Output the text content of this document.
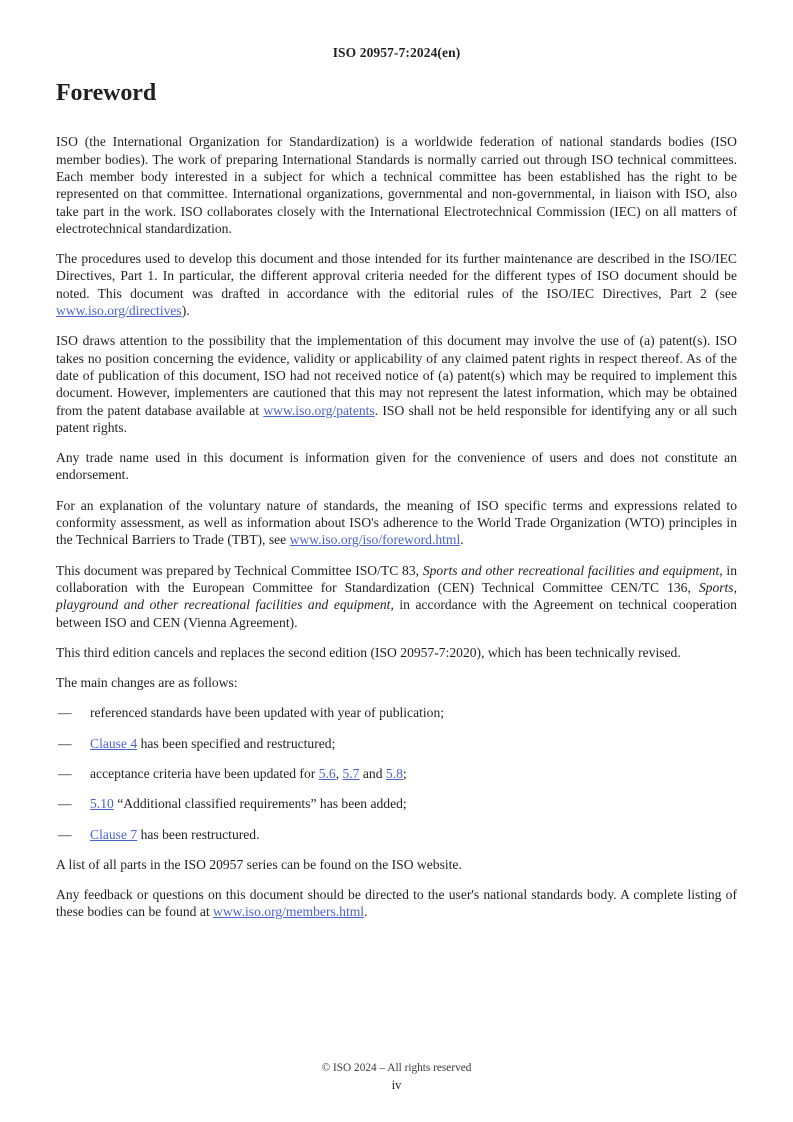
ISO 20957-7:2024(en)
Foreword

ISO (the International Organization for Standardization) is a worldwide federation of national standards bodies (ISO member bodies). The work of preparing International Standards is normally carried out through ISO technical committees. Each member body interested in a subject for which a technical committee has been established has the right to be represented on that committee. International organizations, governmental and non-governmental, in liaison with ISO, also take part in the work. ISO collaborates closely with the International Electrotechnical Commission (IEC) on all matters of electrotechnical standardization.

The procedures used to develop this document and those intended for its further maintenance are described in the ISO/IEC Directives, Part 1. In particular, the different approval criteria needed for the different types of ISO document should be noted. This document was drafted in accordance with the editorial rules of the ISO/IEC Directives, Part 2 (see www.iso.org/directives).

ISO draws attention to the possibility that the implementation of this document may involve the use of (a) patent(s). ISO takes no position concerning the evidence, validity or applicability of any claimed patent rights in respect thereof. As of the date of publication of this document, ISO had not received notice of (a) patent(s) which may be required to implement this document. However, implementers are cautioned that this may not represent the latest information, which may be obtained from the patent database available at www.iso.org/patents. ISO shall not be held responsible for identifying any or all such patent rights.

Any trade name used in this document is information given for the convenience of users and does not constitute an endorsement.

For an explanation of the voluntary nature of standards, the meaning of ISO specific terms and expressions related to conformity assessment, as well as information about ISO's adherence to the World Trade Organization (WTO) principles in the Technical Barriers to Trade (TBT), see www.iso.org/iso/foreword.html.

This document was prepared by Technical Committee ISO/TC 83, Sports and other recreational facilities and equipment, in collaboration with the European Committee for Standardization (CEN) Technical Committee CEN/TC 136, Sports, playground and other recreational facilities and equipment, in accordance with the Agreement on technical cooperation between ISO and CEN (Vienna Agreement).

This third edition cancels and replaces the second edition (ISO 20957-7:2020), which has been technically revised.

The main changes are as follows:

— referenced standards have been updated with year of publication;
— Clause 4 has been specified and restructured;
— acceptance criteria have been updated for 5.6, 5.7 and 5.8;
— 5.10 “Additional classified requirements” has been added;
— Clause 7 has been restructured.

A list of all parts in the ISO 20957 series can be found on the ISO website.

Any feedback or questions on this document should be directed to the user's national standards body. A complete listing of these bodies can be found at www.iso.org/members.html.

© ISO 2024 – All rights reserved
iv
